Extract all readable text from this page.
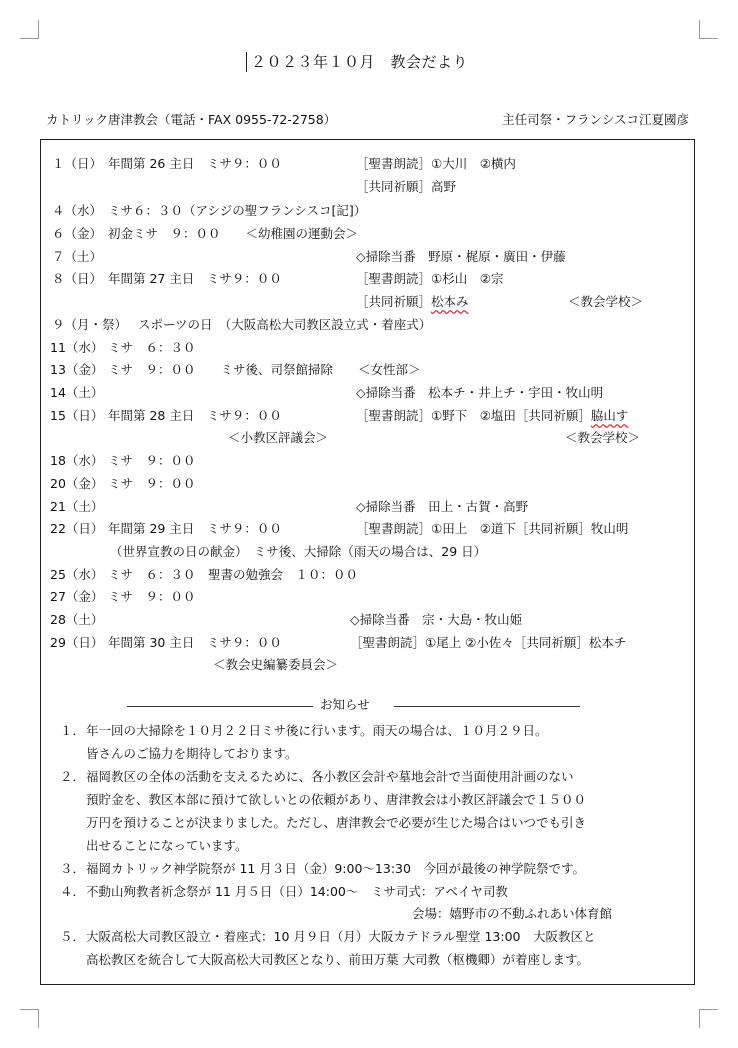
２０２３年１０月　教会だより
カトリック唐津教会（電話・FAX 0955-72-2758）	主任司祭・フランシスコ江夏國彦
１（日） 年間第 26 主日　ミサ９：００	［聖書朗読］①大川　②横内
［共同祈願］高野
４（水） ミサ６：３０（アシジの聖フランシスコ[記]）
６（金） 初金ミサ　９：００　　＜幼稚園の運動会＞
７（土）	◇掃除当番　野原・梶原・廣田・伊藤
８（日） 年間第 27 主日　ミサ９：００	［聖書朗読］①杉山　②宗
［共同祈願］松本み	＜教会学校＞
９（月・祭） スポーツの日　（大阪高松大司教区設立式・着座式）
11（水） ミサ　６：３０
13（金） ミサ　９：００　　ミサ後、司祭館掃除　　＜女性部＞
14（土）	◇掃除当番　松本チ・井上チ・宇田・牧山明
15（日） 年間第 28 主日　ミサ９：００	［聖書朗読］①野下　②塩田［共同祈願］脇山す
＜小教区評議会＞	＜教会学校＞
18（水） ミサ　９：００
20（金） ミサ　９：００
21（土）	◇掃除当番　田上・古賀・高野
22（日） 年間第 29 主日　ミサ９：００	［聖書朗読］①田上　②道下［共同祈願］牧山明
（世界宣教の日の献金）　ミサ後、大掃除（雨天の場合は、29 日）
25（水） ミサ　６：３０　聖書の勉強会　１０：００
27（金） ミサ　９：００
28（土）	◇掃除当番　宗・大島・牧山姫
29（日） 年間第 30 主日　ミサ９：００	［聖書朗読］①尾上 ②小佐々［共同祈願］松本チ
＜教会史編纂委員会＞
お知らせ
１． 年一回の大掃除を１０月２２日ミサ後に行います。雨天の場合は、１０月２９日。
皆さんのご協力を期待しております。
２． 福岡教区の全体の活動を支えるために、各小教区会計や墓地会計で当面使用計画のない
預貯金を、教区本部に預けて欲しいとの依頼があり、唐津教会は小教区評議会で１５００
万円を預けることが決まりました。ただし、唐津教会で必要が生じた場合はいつでも引き
出せることになっています。
３． 福岡カトリック神学院祭が 11 月３日（金）9:00～13:30　今回が最後の神学院祭です。
４． 不動山殉教者祈念祭が 11 月５日（日）14:00～　ミサ司式：アベイヤ司教
会場：嬉野市の不動ふれあい体育館
５． 大阪高松大司教区設立・着座式：10 月９日（月）大阪カテドラル聖堂 13:00　大阪教区と
高松教区を統合して大阪高松大司教区となり、前田万葉 大司教（枢機卿）が着座します。
